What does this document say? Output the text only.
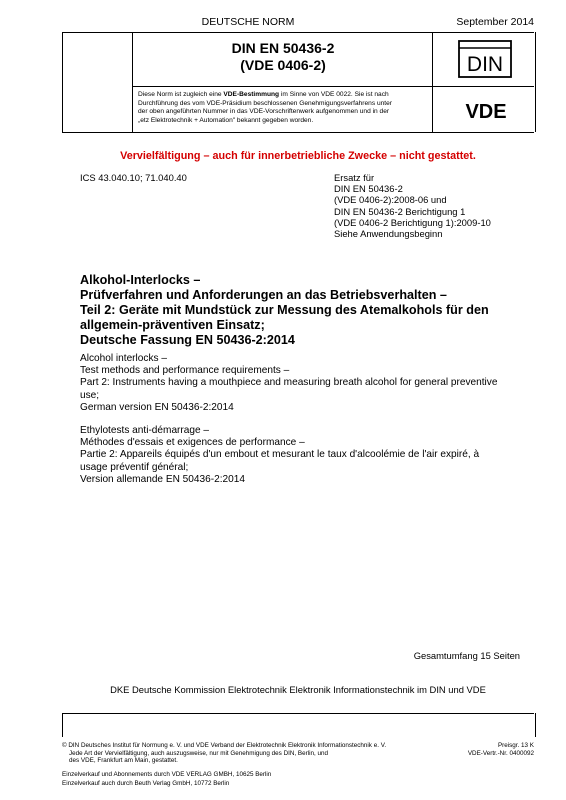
DEUTSCHE NORM	September 2014
DIN EN 50436-2
(VDE 0406-2)	DIN
VDE
Diese Norm ist zugleich eine VDE-Bestimmung im Sinne von VDE 0022. Sie ist nach
Durchführung des vom VDE-Präsidium beschlossenen Genehmigungsverfahrens unter
der oben angeführten Nummer in das VDE-Vorschriftenwerk aufgenommen und in der
„etz Elektrotechnik + Automation" bekannt gegeben worden.
Vervielfältigung – auch für innerbetriebliche Zwecke – nicht gestattet.
ICS 43.040.10; 71.040.40	Ersatz für
DIN EN 50436-2
(VDE 0406-2):2008-06 und
DIN EN 50436-2 Berichtigung 1
(VDE 0406-2 Berichtigung 1):2009-10
Siehe Anwendungsbeginn
Alkohol-Interlocks –
Prüfverfahren und Anforderungen an das Betriebsverhalten –
Teil 2: Geräte mit Mundstück zur Messung des Atemalkohols für den
allgemein-präventiven Einsatz;
Deutsche Fassung EN 50436-2:2014
Alcohol interlocks –
Test methods and performance requirements –
Part 2: Instruments having a mouthpiece and measuring breath alcohol for general preventive
use;
German version EN 50436-2:2014
Ethylotests anti-démarrage –
Méthodes d'essais et exigences de performance –
Partie 2: Appareils équipés d'un embout et mesurant le taux d'alcoolémie de l'air expiré, à
usage préventif général;
Version allemande EN 50436-2:2014
Gesamtumfang 15 Seiten
DKE Deutsche Kommission Elektrotechnik Elektronik Informationstechnik im DIN und VDE
© DIN Deutsches Institut für Normung e. V. und VDE Verband der Elektrotechnik Elektronik Informationstechnik e. V.
Jede Art der Vervielfältigung, auch auszugsweise, nur mit Genehmigung des DIN, Berlin, und
des VDE, Frankfurt am Main, gestattet.
Preisgr. 13 K
VDE-Vertr.-Nr. 0400092
Einzelverkauf und Abonnements durch VDE VERLAG GMBH, 10625 Berlin
Einzelverkauf auch durch Beuth Verlag GmbH, 10772 Berlin
